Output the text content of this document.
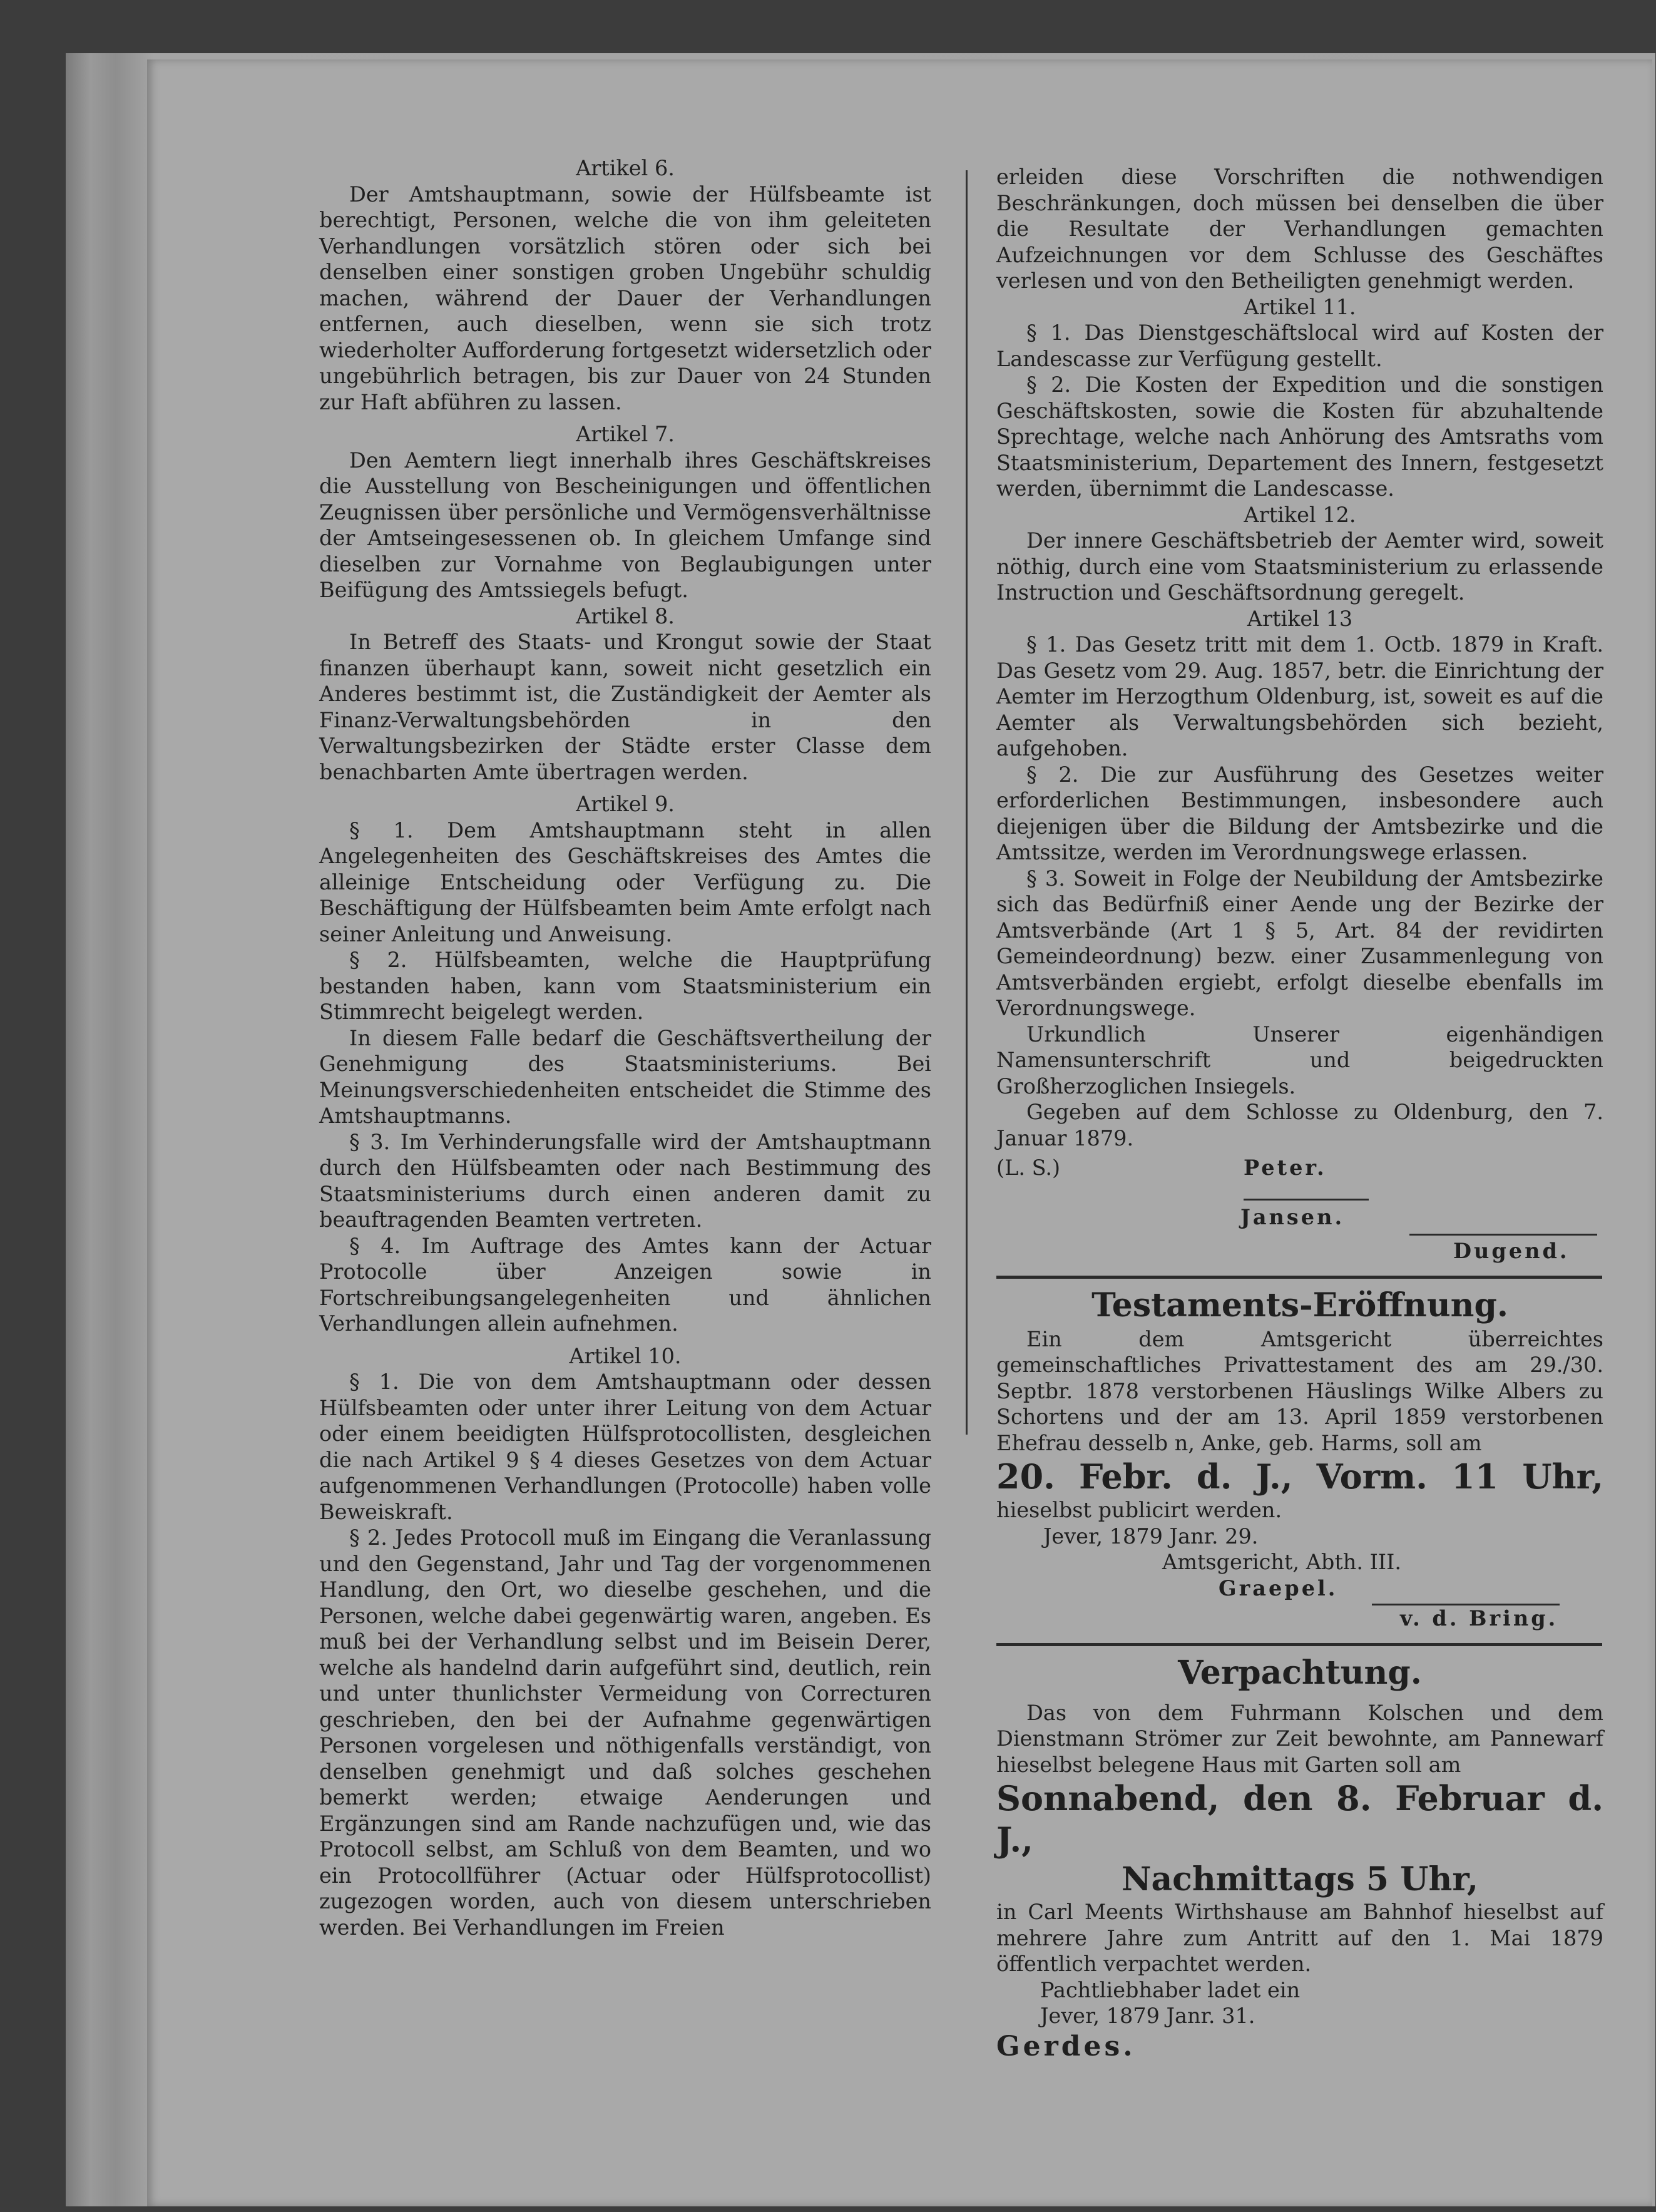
Artikel 6.

Der Amtshauptmann, sowie der Hülfsbeamte ist berechtigt, Personen, welche die von ihm geleiteten Verhandlungen vorsätzlich stören oder sich bei denselben einer sonstigen groben Ungebühr schuldig machen, während der Dauer der Verhandlungen entfernen, auch dieselben, wenn sie sich trotz wiederholter Aufforderung fortgesetzt widersetzlich oder ungebührlich betragen, bis zur Dauer von 24 Stunden zur Haft abführen zu lassen.

Artikel 7.

Den Aemtern liegt innerhalb ihres Geschäftskreises die Ausstellung von Bescheinigungen und öffentlichen Zeugnissen über persönliche und Vermögensverhältnisse der Amtseingesessenen ob. In gleichem Umfange sind dieselben zur Vornahme von Beglaubigungen unter Beifügung des Amtssiegels befugt.

Artikel 8.

In Betreff des Staats- und Krongut sowie der Staat finanzen überhaupt kann, soweit nicht gesetzlich ein Anderes bestimmt ist, die Zuständigkeit der Aemter als Finanz-Verwaltungsbehörden in den Verwaltungsbezirken der Städte erster Classe dem benachbarten Amte übertragen werden.

Artikel 9.

§ 1. Dem Amtshauptmann steht in allen Angelegenheiten des Geschäftskreises des Amtes die alleinige Entscheidung oder Verfügung zu. Die Beschäftigung der Hülfsbeamten beim Amte erfolgt nach seiner Anleitung und Anweisung.

§ 2. Hülfsbeamten, welche die Hauptprüfung bestanden haben, kann vom Staatsministerium ein Stimmrecht beigelegt werden.

In diesem Falle bedarf die Geschäftsvertheilung der Genehmigung des Staatsministeriums. Bei Meinungsverschiedenheiten entscheidet die Stimme des Amtshauptmanns.

§ 3. Im Verhinderungsfalle wird der Amtshauptmann durch den Hülfsbeamten oder nach Bestimmung des Staatsministeriums durch einen anderen damit zu beauftragenden Beamten vertreten.

§ 4. Im Auftrage des Amtes kann der Actuar Protocolle über Anzeigen sowie in Fortschreibungsangelegenheiten und ähnlichen Verhandlungen allein aufnehmen.

Artikel 10.

§ 1. Die von dem Amtshauptmann oder dessen Hülfsbeamten oder unter ihrer Leitung von dem Actuar oder einem beeidigten Hülfsprotocollisten, desgleichen die nach Artikel 9 § 4 dieses Gesetzes von dem Actuar aufgenommenen Verhandlungen (Protocolle) haben volle Beweiskraft.

§ 2. Jedes Protocoll muß im Eingang die Veranlassung und den Gegenstand, Jahr und Tag der vorgenommenen Handlung, den Ort, wo dieselbe geschehen, und die Personen, welche dabei gegenwärtig waren, angeben. Es muß bei der Verhandlung selbst und im Beisein Derer, welche als handelnd darin aufgeführt sind, deutlich, rein und unter thunlichster Vermeidung von Correcturen geschrieben, den bei der Aufnahme gegenwärtigen Personen vorgelesen und nöthigenfalls verständigt, von denselben genehmigt und daß solches geschehen bemerkt werden; etwaige Aenderungen und Ergänzungen sind am Rande nachzufügen und, wie das Protocoll selbst, am Schluß von dem Beamten, und wo ein Protocollführer (Actuar oder Hülfsprotocollist) zugezogen worden, auch von diesem unterschrieben werden. Bei Verhandlungen im Freien

erleiden diese Vorschriften die nothwendigen Beschränkungen, doch müssen bei denselben die über die Resultate der Verhandlungen gemachten Aufzeichnungen vor dem Schlusse des Geschäftes verlesen und von den Betheiligten genehmigt werden.

Artikel 11.

§ 1. Das Dienstgeschäftslocal wird auf Kosten der Landescasse zur Verfügung gestellt.

§ 2. Die Kosten der Expedition und die sonstigen Geschäftskosten, sowie die Kosten für abzuhaltende Sprechtage, welche nach Anhörung des Amtsraths vom Staatsministerium, Departement des Innern, festgesetzt werden, übernimmt die Landescasse.

Artikel 12.

Der innere Geschäftsbetrieb der Aemter wird, soweit nöthig, durch eine vom Staatsministerium zu erlassende Instruction und Geschäftsordnung geregelt.

Artikel 13

§ 1. Das Gesetz tritt mit dem 1. Octb. 1879 in Kraft. Das Gesetz vom 29. Aug. 1857, betr. die Einrichtung der Aemter im Herzogthum Oldenburg, ist, soweit es auf die Aemter als Verwaltungsbehörden sich bezieht, aufgehoben.

§ 2. Die zur Ausführung des Gesetzes weiter erforderlichen Bestimmungen, insbesondere auch diejenigen über die Bildung der Amtsbezirke und die Amtssitze, werden im Verordnungswege erlassen.

§ 3. Soweit in Folge der Neubildung der Amtsbezirke sich das Bedürfniß einer Aende ung der Bezirke der Amtsverbände (Art 1 § 5, Art. 84 der revidirten Gemeindeordnung) bezw. einer Zusammenlegung von Amtsverbänden ergiebt, erfolgt dieselbe ebenfalls im Verordnungswege.

Urkundlich Unserer eigenhändigen Namensunterschrift und beigedruckten Großherzoglichen Insiegels.

Gegeben auf dem Schlosse zu Oldenburg, den 7. Januar 1879.

(L. S.)	Peter.
Jansen.
Dugend.

Testaments-Eröffnung.

Ein dem Amtsgericht überreichtes gemeinschaftliches Privattestament des am 29./30. Septbr. 1878 verstorbenen Häuslings Wilke Albers zu Schortens und der am 13. April 1859 verstorbenen Ehefrau desselb n, Anke, geb. Harms, soll am

20. Febr. d. J., Vorm. 11 Uhr,

hieselbst publicirt werden.

Jever, 1879 Janr. 29.

Amtsgericht, Abth. III.

Graepel.

v. d. Bring.

Verpachtung.

Das von dem Fuhrmann Kolschen und dem Dienstmann Strömer zur Zeit bewohnte, am Pannewarf hieselbst belegene Haus mit Garten soll am

Sonnabend, den 8. Februar d. J.,

Nachmittags 5 Uhr,

in Carl Meents Wirthshause am Bahnhof hieselbst auf mehrere Jahre zum Antritt auf den 1. Mai 1879 öffentlich verpachtet werden.

Pachtliebhaber ladet ein

Jever, 1879 Janr. 31.

Gerdes.
